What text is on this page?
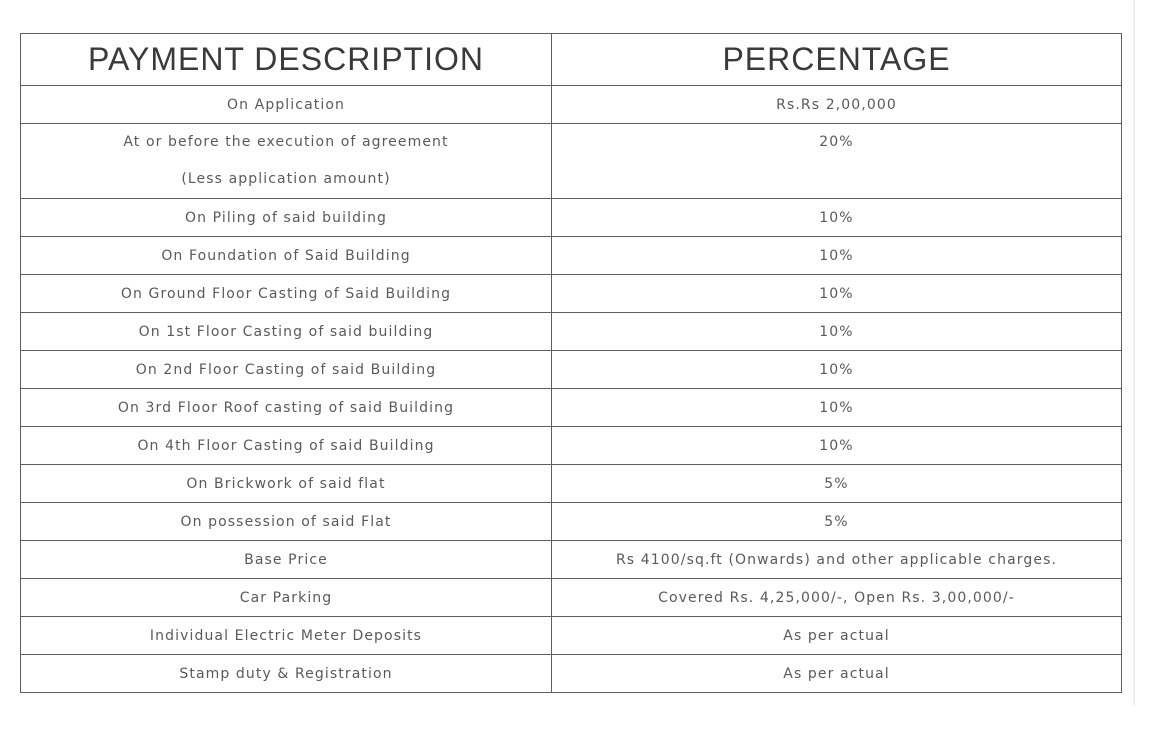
PAYMENT DESCRIPTION	PERCENTAGE
On Application	Rs.Rs 2,00,000

At or before the execution of agreement
(Less application amount)	20%

On Piling of said building	10%
On Foundation of Said Building	10%
On Ground Floor Casting of Said Building	10%
On 1st Floor Casting of said building	10%
On 2nd Floor Casting of said Building	10%
On 3rd Floor Roof casting of said Building	10%
On 4th Floor Casting of said Building	10%
On Brickwork of said flat	5%
On possession of said Flat	5%
Base Price	Rs 4100/sq.ft (Onwards) and other applicable charges.
Car Parking	Covered Rs. 4,25,000/-, Open Rs. 3,00,000/-
Individual Electric Meter Deposits	As per actual
Stamp duty & Registration	As per actual
